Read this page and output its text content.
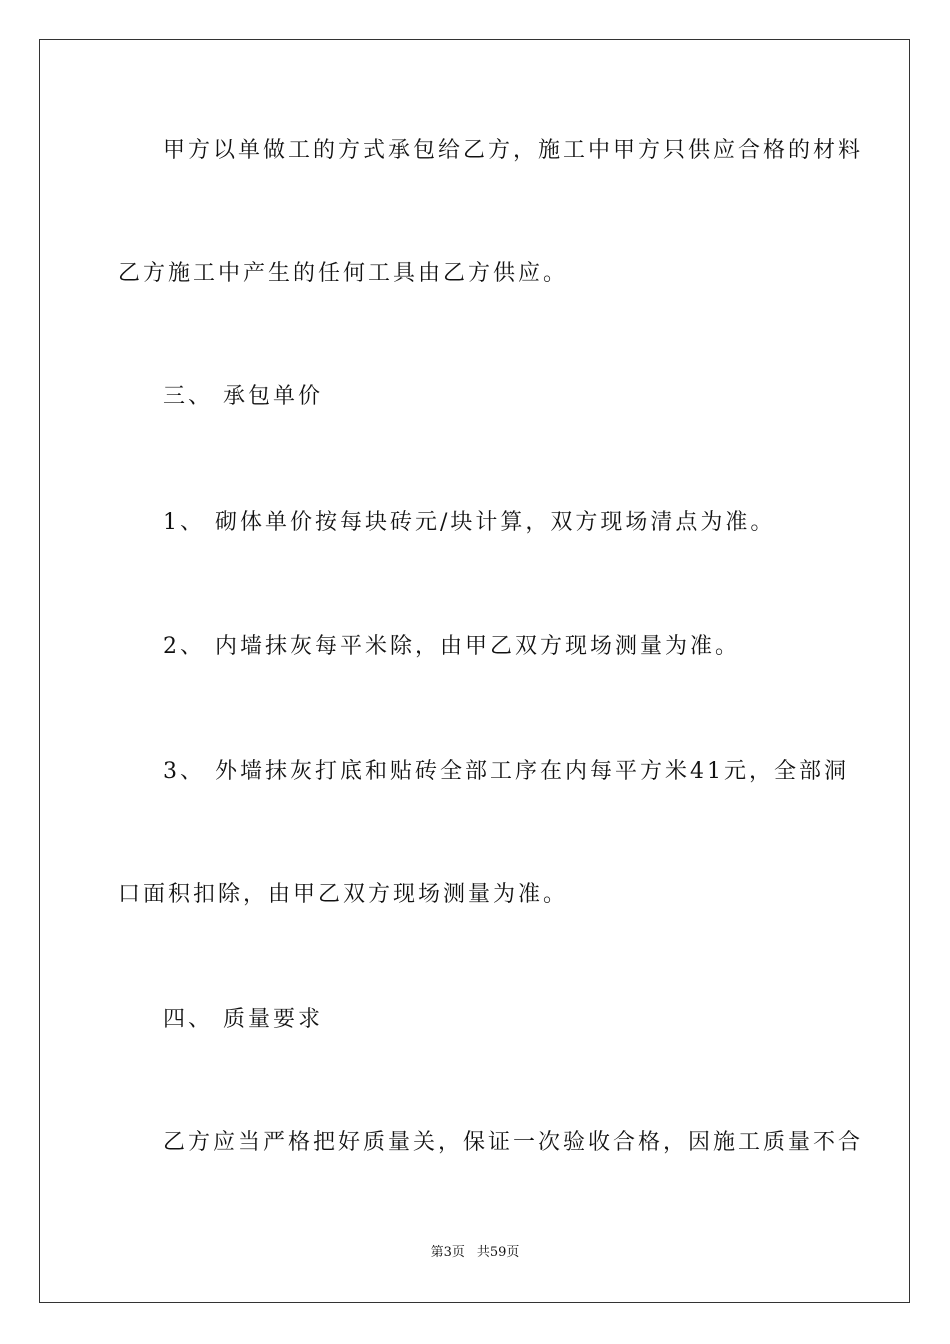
甲方以单做工的方式承包给乙方，施工中甲方只供应合格的材料
乙方施工中产生的任何工具由乙方供应。
三、 承包单价
1、 砌体单价按每块砖元/块计算，双方现场清点为准。
2、 内墙抹灰每平米除，由甲乙双方现场测量为准。
3、 外墙抹灰打底和贴砖全部工序在内每平方米41元，全部洞
口面积扣除，由甲乙双方现场测量为准。
四、 质量要求
乙方应当严格把好质量关，保证一次验收合格，因施工质量不合
第3页 共59页
